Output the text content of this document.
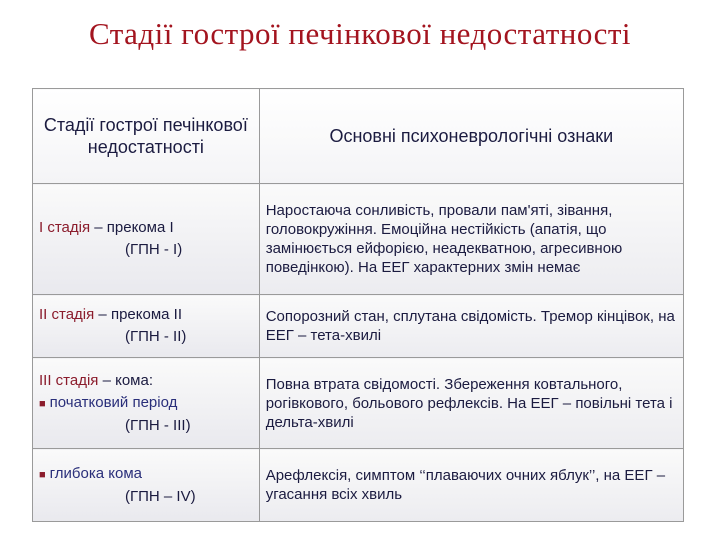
Стадії гострої печінкової недостатності
Стадії гострої печінкової недостатності	Основні психоневрологічні ознаки
І стадія – прекома І
(ГПН - І)	Наростаюча сонливість, провали пам'яті, зівання, головокружіння. Емоційна нестійкість (апатія, що замінюється ейфорією, неадекватною, агресивною поведінкою). На ЕЕГ характерних змін немає
ІІ стадія – прекома ІІ
(ГПН - ІІ)	Сопорозний стан, сплутана свідомість. Тремор кінцівок, на ЕЕГ – тета-хвилі
ІІІ стадія – кома:
■ початковий період
(ГПН - ІІІ)	Повна втрата свідомості. Збереження ковтального, рогівкового, больового рефлексів. На ЕЕГ – повільні тета і дельта-хвилі
■ глибока кома
(ГПН – IV)	Арефлексія, симптом ‘‘плаваючих очних яблук’’, на ЕЕГ – угасання всіх хвиль
